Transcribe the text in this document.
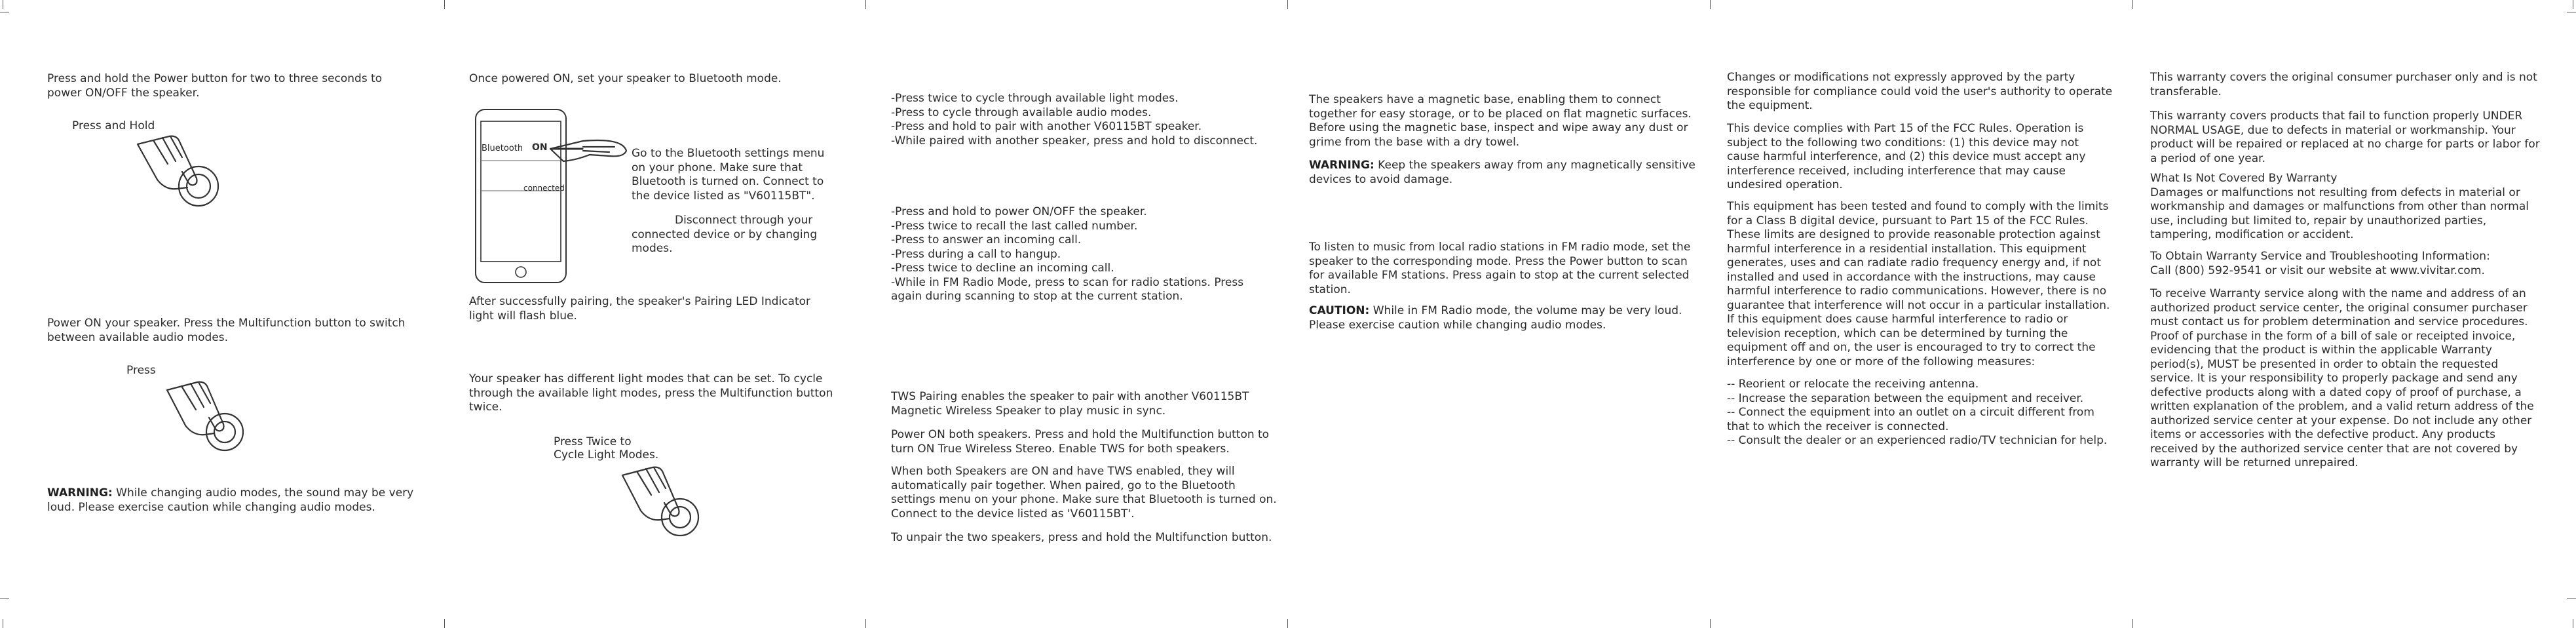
Press and hold the Power button for two to three seconds to power ON/OFF the speaker.

Press and Hold

Power ON your speaker. Press the Multifunction button to switch between available audio modes.

Press

WARNING: While changing audio modes, the sound may be very loud. Please exercise caution while changing audio modes.

Once powered ON, set your speaker to Bluetooth mode.

Bluetooth ON
connected

Go to the Bluetooth settings menu on your phone. Make sure that Bluetooth is turned on. Connect to the device listed as "V60115BT".

Disconnect through your connected device or by changing modes.

After successfully pairing, the speaker's Pairing LED Indicator light will flash blue.

Your speaker has different light modes that can be set. To cycle through the available light modes, press the Multifunction button twice.

Press Twice to
Cycle Light Modes.
-Press twice to cycle through available light modes.
-Press to cycle through available audio modes.
-Press and hold to pair with another V60115BT speaker.
-While paired with another speaker, press and hold to disconnect.
-Press and hold to power ON/OFF the speaker.
-Press twice to recall the last called number.
-Press to answer an incoming call.
-Press during a call to hangup.
-Press twice to decline an incoming call.
-While in FM Radio Mode, press to scan for radio stations. Press again during scanning to stop at the current station.

TWS Pairing enables the speaker to pair with another V60115BT Magnetic Wireless Speaker to play music in sync.

Power ON both speakers. Press and hold the Multifunction button to turn ON True Wireless Stereo. Enable TWS for both speakers.

When both Speakers are ON and have TWS enabled, they will automatically pair together. When paired, go to the Bluetooth settings menu on your phone. Make sure that Bluetooth is turned on. Connect to the device listed as 'V60115BT'.

To unpair the two speakers, press and hold the Multifunction button.

The speakers have a magnetic base, enabling them to connect together for easy storage, or to be placed on flat magnetic surfaces. Before using the magnetic base, inspect and wipe away any dust or grime from the base with a dry towel.

WARNING: Keep the speakers away from any magnetically sensitive devices to avoid damage.

To listen to music from local radio stations in FM radio mode, set the speaker to the corresponding mode. Press the Power button to scan for available FM stations. Press again to stop at the current selected station.

CAUTION: While in FM Radio mode, the volume may be very loud. Please exercise caution while changing audio modes.

Changes or modifications not expressly approved by the party responsible for compliance could void the user's authority to operate the equipment.

This device complies with Part 15 of the FCC Rules. Operation is subject to the following two conditions: (1) this device may not cause harmful interference, and (2) this device must accept any interference received, including interference that may cause undesired operation.

This equipment has been tested and found to comply with the limits for a Class B digital device, pursuant to Part 15 of the FCC Rules. These limits are designed to provide reasonable protection against harmful interference in a residential installation. This equipment generates, uses and can radiate radio frequency energy and, if not installed and used in accordance with the instructions, may cause harmful interference to radio communications. However, there is no guarantee that interference will not occur in a particular installation.

If this equipment does cause harmful interference to radio or television reception, which can be determined by turning the equipment off and on, the user is encouraged to try to correct the interference by one or more of the following measures:

-- Reorient or relocate the receiving antenna.
-- Increase the separation between the equipment and receiver.
-- Connect the equipment into an outlet on a circuit different from that to which the receiver is connected.
-- Consult the dealer or an experienced radio/TV technician for help.

This warranty covers the original consumer purchaser only and is not transferable.

This warranty covers products that fail to function properly UNDER NORMAL USAGE, due to defects in material or workmanship. Your product will be repaired or replaced at no charge for parts or labor for a period of one year.

What Is Not Covered By Warranty
Damages or malfunctions not resulting from defects in material or workmanship and damages or malfunctions from other than normal use, including but limited to, repair by unauthorized parties, tampering, modification or accident.
To Obtain Warranty Service and Troubleshooting Information:
Call (800) 592-9541 or visit our website at www.vivitar.com.

To receive Warranty service along with the name and address of an authorized product service center, the original consumer purchaser must contact us for problem determination and service procedures. Proof of purchase in the form of a bill of sale or receipted invoice, evidencing that the product is within the applicable Warranty period(s), MUST be presented in order to obtain the requested service. It is your responsibility to properly package and send any defective products along with a dated copy of proof of purchase, a written explanation of the problem, and a valid return address of the authorized service center at your expense. Do not include any other items or accessories with the defective product. Any products received by the authorized service center that are not covered by warranty will be returned unrepaired.
